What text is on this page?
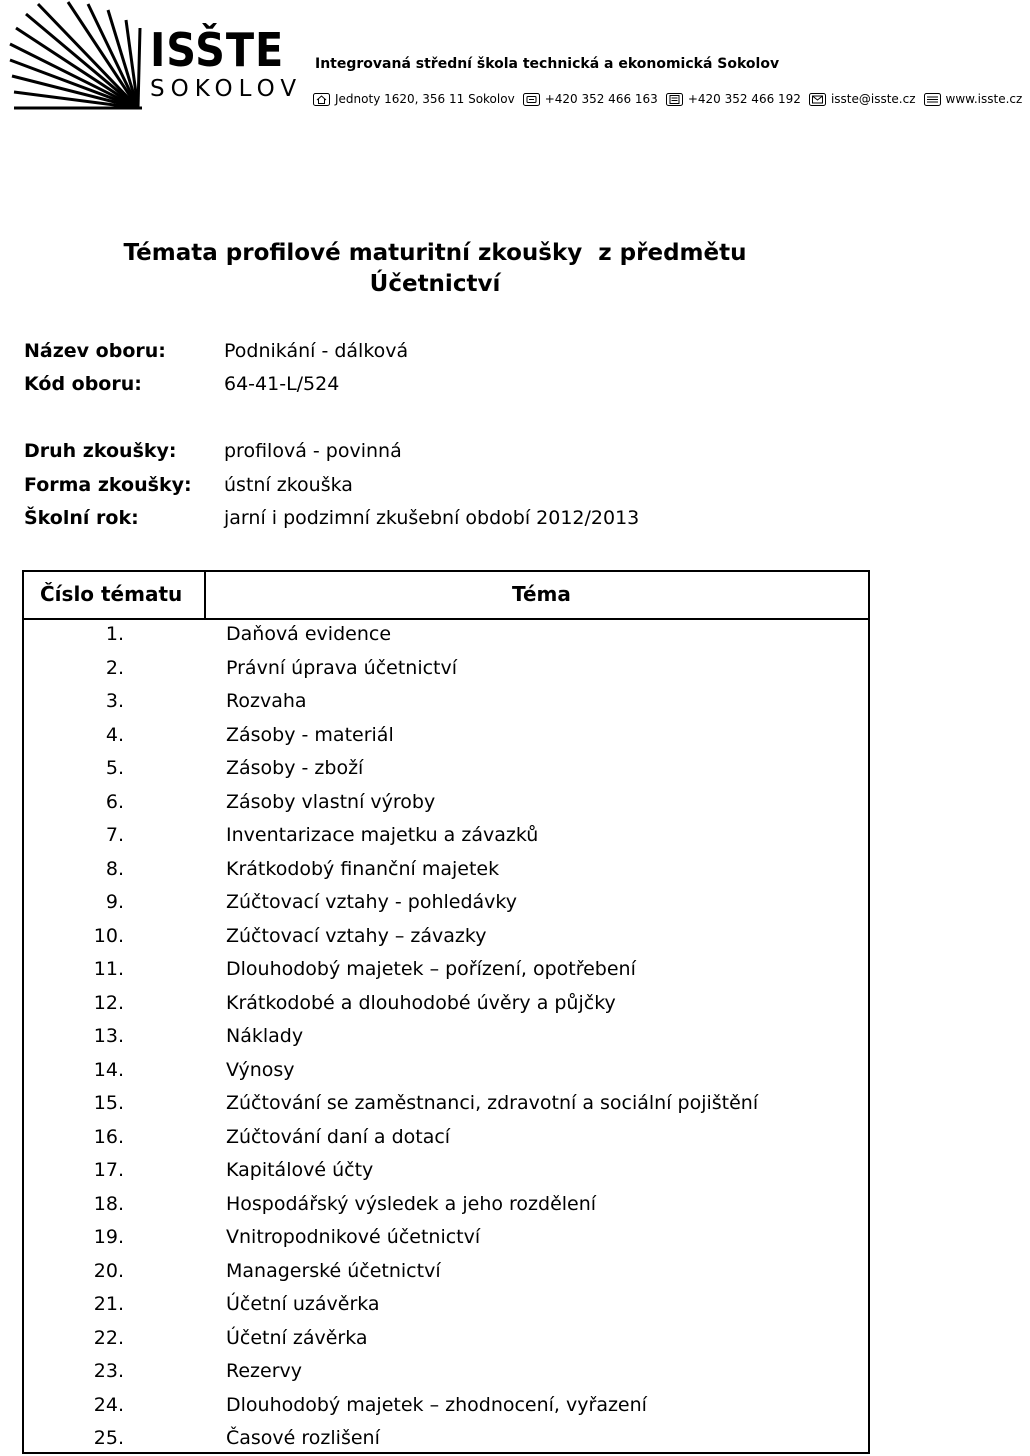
ISŠTE
SOKOLOV
Integrovaná střední škola technická a ekonomická Sokolov
Jednoty 1620, 356 11 Sokolov	+420 352 466 163	+420 352 466 192	isste@isste.cz	www.isste.cz
Témata profilové maturitní zkoušky  z předmětu
Účetnictví
Název oboru:	Podnikání - dálková
Kód oboru:	64-41-L/524
Druh zkoušky: profilová - povinná
Forma zkoušky: ústní zkouška
Školní rok:	jarní i podzimní zkušební období 2012/2013
Číslo tématu	Téma
1.	Daňová evidence
2.	Právní úprava účetnictví
3.	Rozvaha
4.	Zásoby - materiál
5.	Zásoby - zboží
6.	Zásoby vlastní výroby
7.	Inventarizace majetku a závazků
8.	Krátkodobý finanční majetek
9.	Zúčtovací vztahy - pohledávky
10.	Zúčtovací vztahy – závazky
11.	Dlouhodobý majetek – pořízení, opotřebení
12.	Krátkodobé a dlouhodobé úvěry a půjčky
13.	Náklady
14.	Výnosy
15.	Zúčtování se zaměstnanci, zdravotní a sociální pojištění
16.	Zúčtování daní a dotací
17.	Kapitálové účty
18.	Hospodářský výsledek a jeho rozdělení
19.	Vnitropodnikové účetnictví
20.	Managerské účetnictví
21.	Účetní uzávěrka
22.	Účetní závěrka
23.	Rezervy
24.	Dlouhodobý majetek – zhodnocení, vyřazení
25.	Časové rozlišení
